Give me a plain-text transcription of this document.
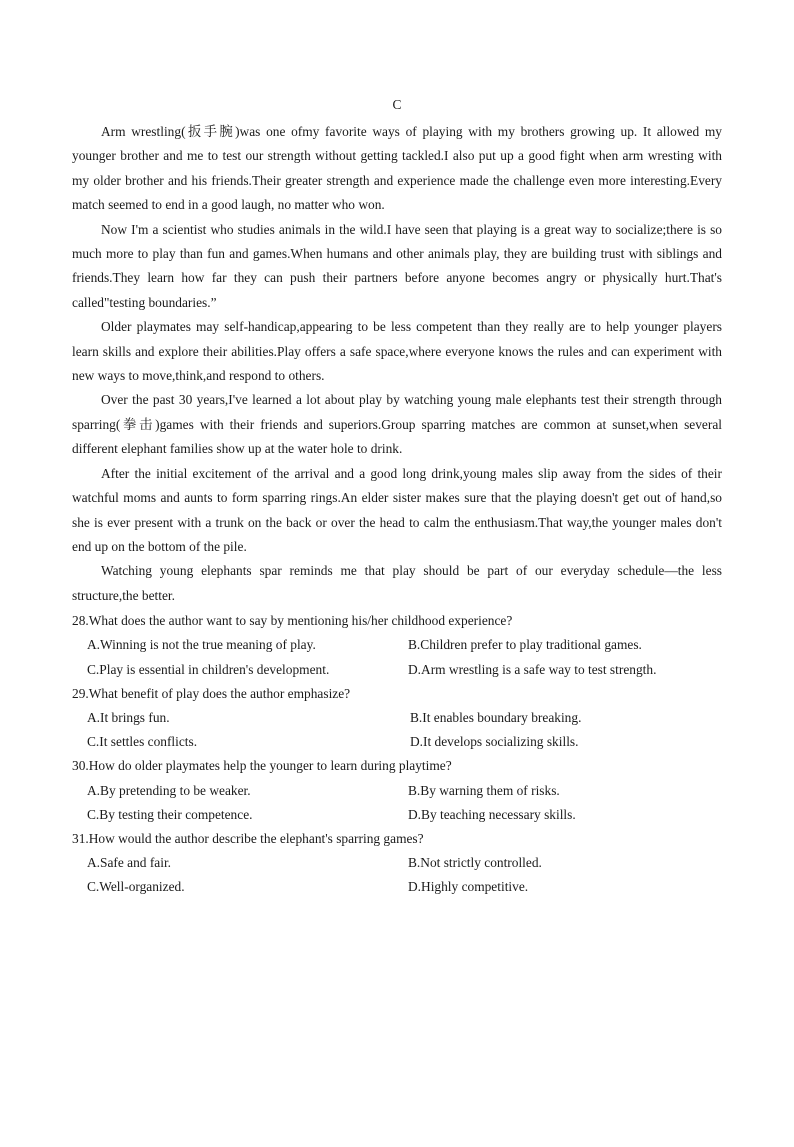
C

Arm wrestling(扳手腕)was one ofmy favorite ways of playing with my brothers growing up. It allowed my younger brother and me to test our strength without getting tackled.I also put up a good fight when arm wresting with my older brother and his friends.Their greater strength and experience made the challenge even more interesting.Every match seemed to end in a good laugh, no matter who won.

Now I'm a scientist who studies animals in the wild.I have seen that playing is a great way to socialize;there is so much more to play than fun and games.When humans and other animals play, they are building trust with siblings and friends.They learn how far they can push their partners before anyone becomes angry or physically hurt.That's called"testing boundaries.”

Older playmates may self-handicap,appearing to be less competent than they really are to help younger players learn skills and explore their abilities.Play offers a safe space,where everyone knows the rules and can experiment with new ways to move,think,and respond to others.

Over the past 30 years,I've learned a lot about play by watching young male elephants test their strength through sparring(拳击)games with their friends and superiors.Group sparring matches are common at sunset,when several different elephant families show up at the water hole to drink.

After the initial excitement of the arrival and a good long drink,young males slip away from the sides of their watchful moms and aunts to form sparring rings.An elder sister makes sure that the playing doesn't get out of hand,so she is ever present with a trunk on the back or over the head to calm the enthusiasm.That way,the younger males don't end up on the bottom of the pile.

Watching young elephants spar reminds me that play should be part of our everyday schedule—the less structure,the better.

28.What does the author want to say by mentioning his/her childhood experience?
A.Winning is not the true meaning of play.	B.Children prefer to play traditional games.
C.Play is essential in children's development.	D.Arm wrestling is a safe way to test strength.
29.What benefit of play does the author emphasize?
A.It brings fun.	B.It enables boundary breaking.
C.It settles conflicts.	D.It develops socializing skills.
30.How do older playmates help the younger to learn during playtime?
A.By pretending to be weaker.	B.By warning them of risks.
C.By testing their competence.	D.By teaching necessary skills.
31.How would the author describe the elephant's sparring games?
A.Safe and fair.	B.Not strictly controlled.
C.Well-organized.	D.Highly competitive.
